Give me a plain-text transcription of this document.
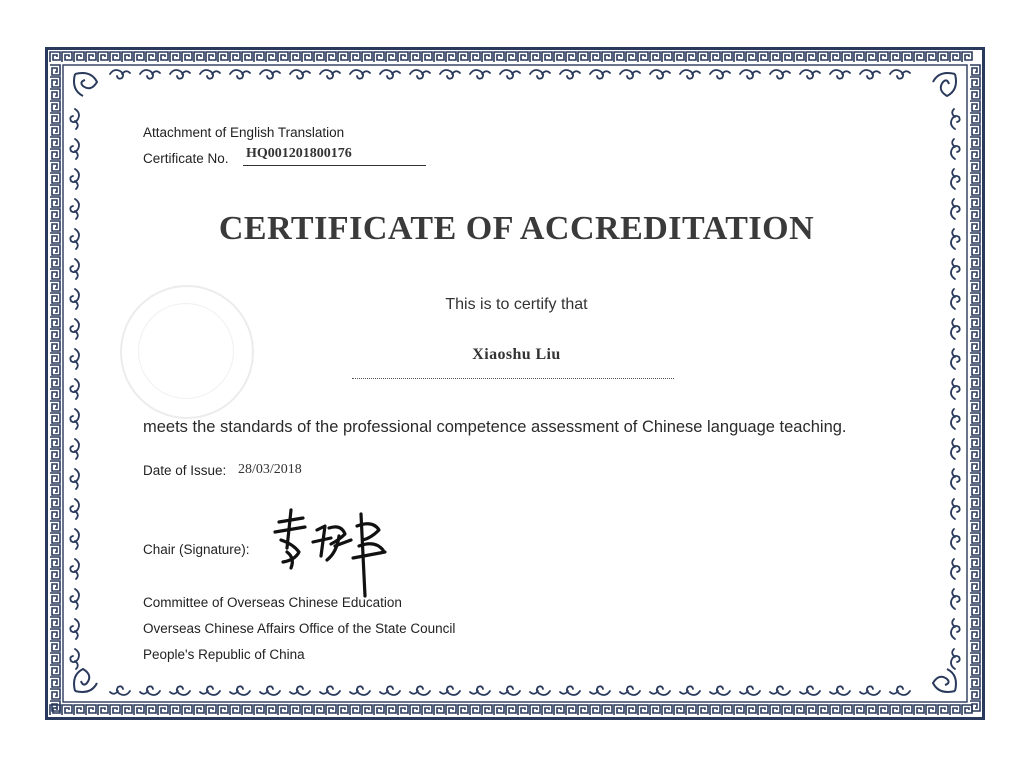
Attachment of English Translation
Certificate No. HQ001201800176
CERTIFICATE OF ACCREDITATION
This is to certify that
Xiaoshu Liu
meets the standards of the professional competence assessment of Chinese language teaching.
Date of Issue: 28/03/2018
Chair (Signature):
Committee of Overseas Chinese Education
Overseas Chinese Affairs Office of the State Council
People's Republic of China
